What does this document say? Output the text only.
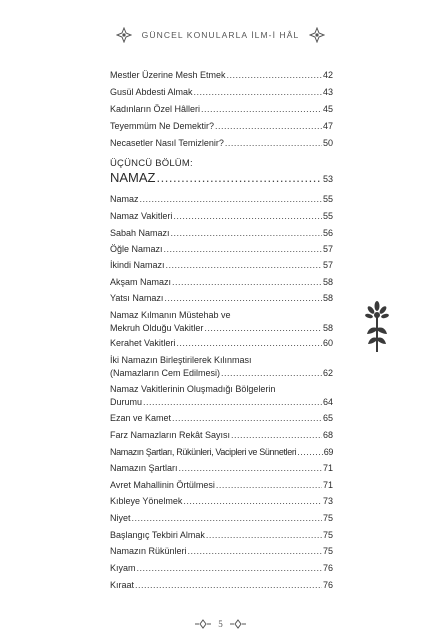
GÜNCEL KONULARLA İLM-İ HÂL
Mestler Üzerine Mesh Etmek .....	42
Gusül Abdesti Almak .....	43
Kadınların Özel Hâlleri .....	45
Teyemmüm Ne Demektir? .....	47
Necasetler Nasıl Temizlenir? .....	50
ÜÇÜNCÜ BÖLÜM:
NAMAZ .....	53
Namaz .....	55
Namaz Vakitleri .....	55
Sabah Namazı .....	56
Öğle Namazı .....	57
İkindi Namazı .....	57
Akşam Namazı .....	58
Yatsı Namazı .....	58
Namaz Kılmanın Müstehab ve
Mekruh Olduğu Vakitler .....	58
Kerahet Vakitleri .....	60
İki Namazın Birleştirilerek Kılınması
(Namazların Cem Edilmesi) .....	62
Namaz Vakitlerinin Oluşmadığı Bölgelerin
Durumu .....	64
Ezan ve Kamet .....	65
Farz Namazların Rekât Sayısı .....	68
Namazın Şartları, Rükünleri, Vacipleri ve Sünnetleri .....	69
Namazın Şartları .....	71
Avret Mahallinin Örtülmesi .....	71
Kıbleye Yönelmek .....	73
Niyet .....	75
Başlangıç Tekbiri Almak .....	75
Namazın Rükünleri .....	75
Kıyam .....	76
Kıraat .....	76
5
